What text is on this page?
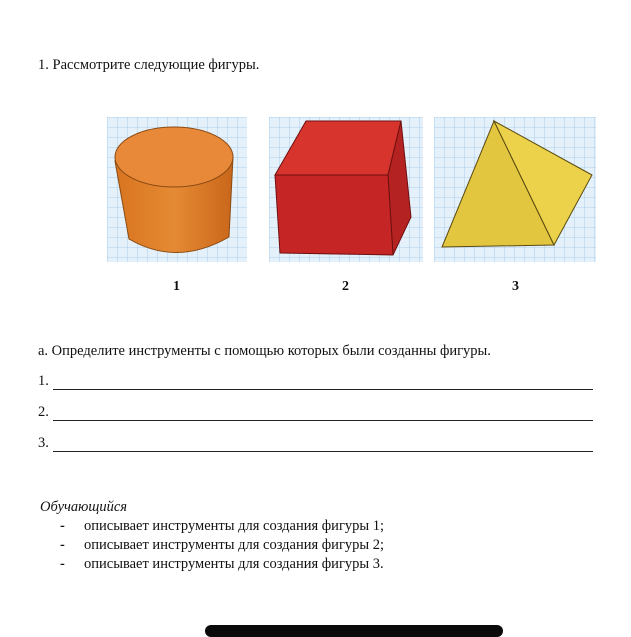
1. Рассмотрите следующие фигуры.
1	2	3
а. Определите инструменты с помощью которых были созданны фигуры.
1.
2.
3.
Обучающийся
- описывает инструменты для создания фигуры 1;
- описывает инструменты для создания фигуры 2;
- описывает инструменты для создания фигуры 3.
